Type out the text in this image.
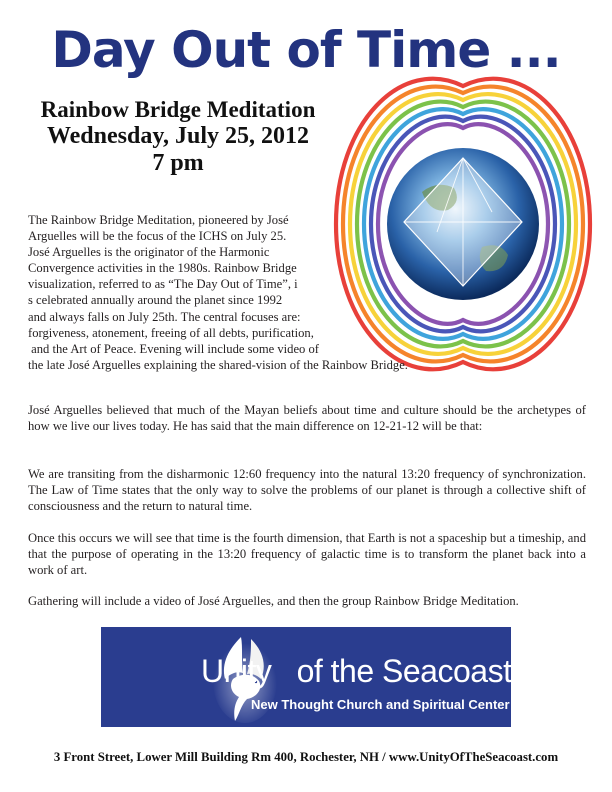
Day Out of Time ...
Rainbow Bridge Meditation
Wednesday, July 25, 2012
7 pm

The Rainbow Bridge Meditation, pioneered by José

Arguelles will be the focus of the ICHS on July 25.

José Arguelles is the originator of the Harmonic

Convergence activities in the 1980s. Rainbow Bridge

visualization, referred to as “The Day Out of Time”, i

s celebrated annually around the planet since 1992

and always falls on July 25th. The central focuses are:

forgiveness, atonement, freeing of all debts, purification,

and the Art of Peace. Evening will include some video of

the late José Arguelles explaining the shared-vision of the Rainbow Bridge.

José Arguelles believed that much of the Mayan beliefs about time and culture should be the archetypes of how we live our lives today. He has said that the main difference on 12-21-12 will be that:

We are transiting from the disharmonic 12:60 frequency into the natural 13:20 frequency of synchronization. The Law of Time states that the only way to solve the problems of our planet is through a collective shift of consciousness and the return to natural time.

Once this occurs we will see that time is the fourth dimension, that Earth is not a spaceship but a timeship, and that the purpose of operating in the 13:20 frequency of galactic time is to transform the planet back into a work of art.

Gathering will include a video of José Arguelles, and then the group Rainbow Bridge Meditation.

Unity   of the Seacoast
New Thought Church and Spiritual Center
3 Front Street, Lower Mill Building Rm 400, Rochester, NH / www.UnityOfTheSeacoast.com
